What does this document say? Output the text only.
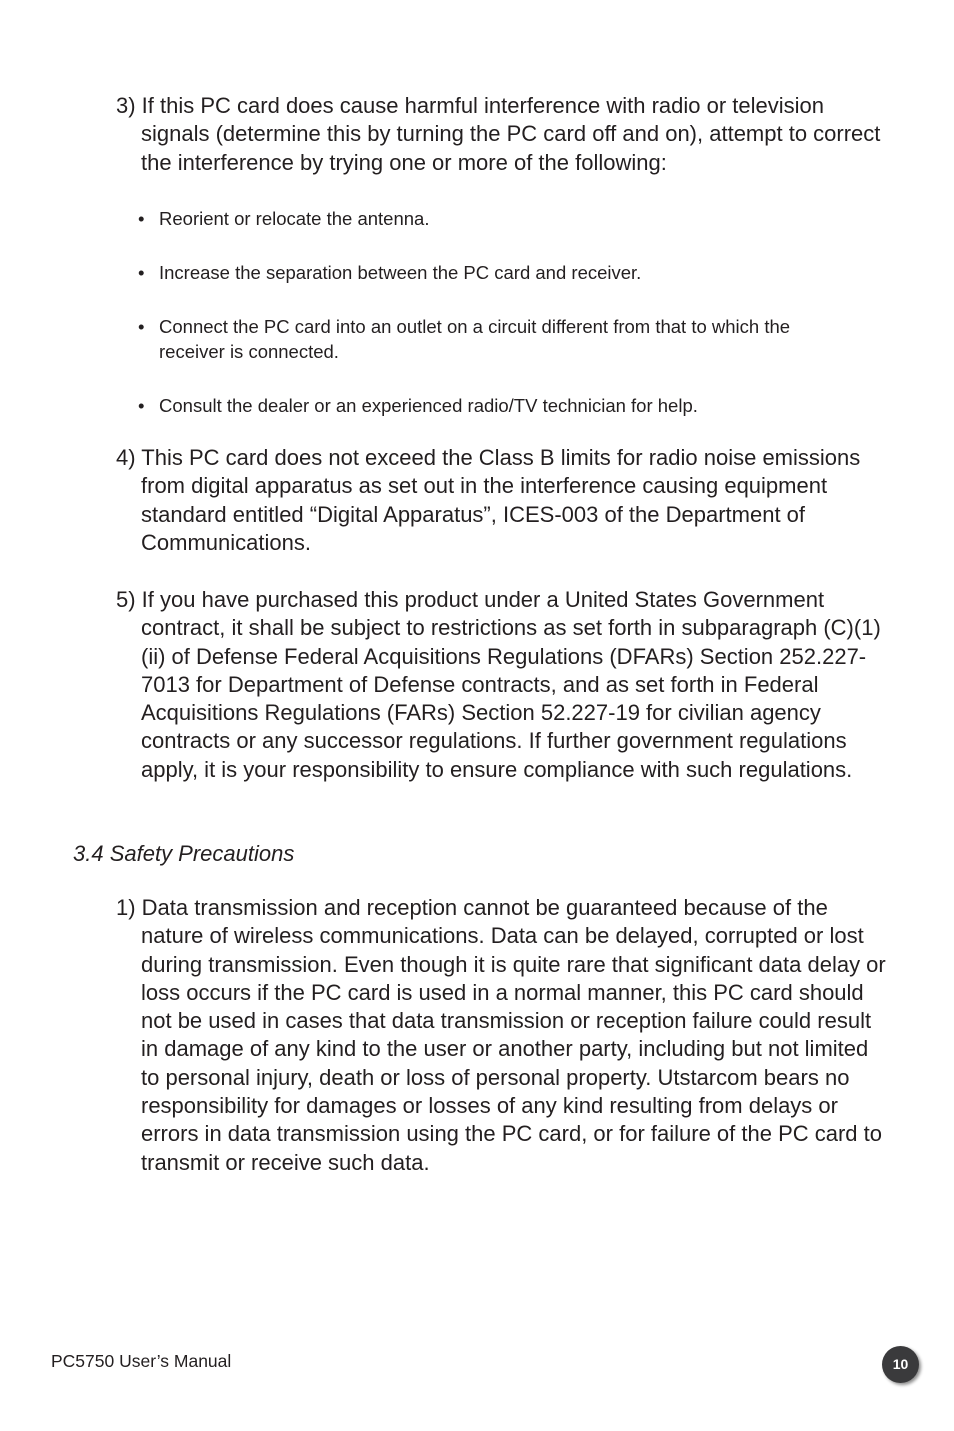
3) If this PC card does cause harmful interference with radio or television signals (determine this by turning the PC card off and on), attempt to correct the interference by trying one or more of the following:

• Reorient or relocate the antenna.
• Increase the separation between the PC card and receiver.
• Connect the PC card into an outlet on a circuit different from that to which the receiver is connected.
• Consult the dealer or an experienced radio/TV technician for help.

4) This PC card does not exceed the Class B limits for radio noise emissions from digital apparatus as set out in the interference causing equipment standard entitled “Digital Apparatus”, ICES-003 of the Department of Communications.

5) If you have purchased this product under a United States Government contract, it shall be subject to restrictions as set forth in subparagraph (C)(1)(ii) of Defense Federal Acquisitions Regulations (DFARs) Section 252.227-7013 for Department of Defense contracts, and as set forth in Federal Acquisitions Regulations (FARs) Section 52.227-19 for civilian agency contracts or any successor regulations. If further government regulations apply, it is your responsibility to ensure compliance with such regulations.

3.4 Safety Precautions

1) Data transmission and reception cannot be guaranteed because of the nature of wireless communications. Data can be delayed, corrupted or lost during transmission. Even though it is quite rare that significant data delay or loss occurs if the PC card is used in a normal manner, this PC card should not be used in cases that data transmission or reception failure could result in damage of any kind to the user or another party, including but not limited to personal injury, death or loss of personal property. Utstarcom bears no responsibility for damages or losses of any kind resulting from delays or errors in data transmission using the PC card, or for failure of the PC card to transmit or receive such data.

PC5750 User’s Manual	10
